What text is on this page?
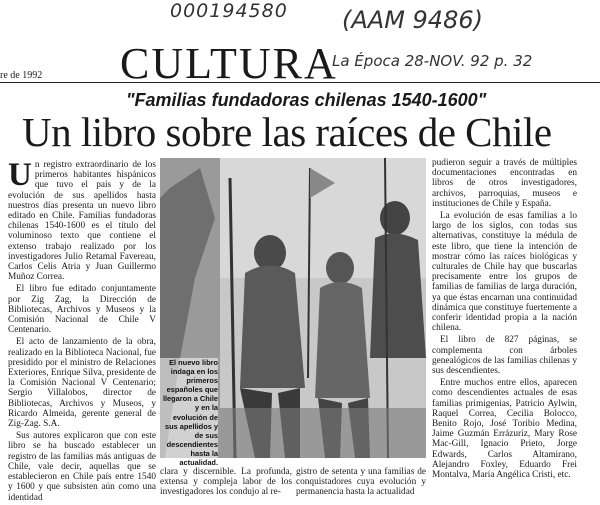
000194580 (AAM 9486)
La Época 28-NOV. 92 p. 32
re de 1992 CULTURA
"Familias fundadoras chilenas 1540-1600"
Un libro sobre las raíces de Chile
U n registro extraordinario de los primeros habitantes hispánicos que tuvo el país y de la evolución de sus apellidos hasta nuestros días presenta un nuevo libro editado en Chile. Familias fundadoras chilenas 1540-1600 es el título del voluminoso texto que contiene el extenso trabajo realizado por los investigadores Julio Retamal Favereau, Carlos Celis Atria y Juan Guillermo Muñoz Correa.

El libro fue editado conjuntamente por Zig Zag, la Dirección de Bibliotecas, Archivos y Museos y la Comisión Nacional de Chile V Centenario.

El acto de lanzamiento de la obra, realizado en la Biblioteca Nacional, fue presidido por el ministro de Relaciones Exteriores, Enrique Silva, presidente de la Comisión Nacional V Centenario; Sergio Villalobos, director de Bibliotecas, Archivos y Museos, y Ricardo Almeida, gerente general de Zig-Zag. S.A.

Sus autores explicaron que con este libro se ha buscado establecer un registro de las familias más antiguas de Chile, vale decir, aquellas que se establecieron en Chile país entre 1540 y 1600 y que subsisten aún como una identidad

El nuevo libro indaga en los primeros españoles que llegaron a Chile y en la evolución de sus apellidos y de sus descendientes hasta la actualidad.
clara y discernible. La profunda, extensa y compleja labor de los investigadores los condujo al re-
gistro de setenta y una familias de conquistadores cuya evolución y permanencia hasta la actualidad

pudieron seguir a través de múltiples documentaciones encontradas en libros de otros investigadores, archivos, parroquias, museos e instituciones de Chile y España.

La evolución de esas familias a lo largo de los siglos, con todas sus alternativas, constituye la médula de este libro, que tiene la intención de mostrar cómo las raíces biológicas y culturales de Chile hay que buscarlas precisamente entre los grupos de familias de familias de larga duración, ya que éstas encarnan una continuidad dinámica que constituye fuertemente a conferir identidad propia a la nación chilena.

El libro de 827 páginas, se complementa con árboles genealógicos de las familias chilenas y sus descendientes.

Entre muchos entre ellos, aparecen como descendientes actuales de esas familias primigenias, Patricio Aylwin, Raquel Correa, Cecilia Bolocco, Benito Rojo, José Toribio Medina, Jaime Guzmán Errázuriz, Mary Rose Mac-Gill, Ignacio Prieto, Jorge Edwards, Carlos Altamirano, Alejandro Foxley, Eduardo Frei Montalva, María Angélica Cristi, etc.
